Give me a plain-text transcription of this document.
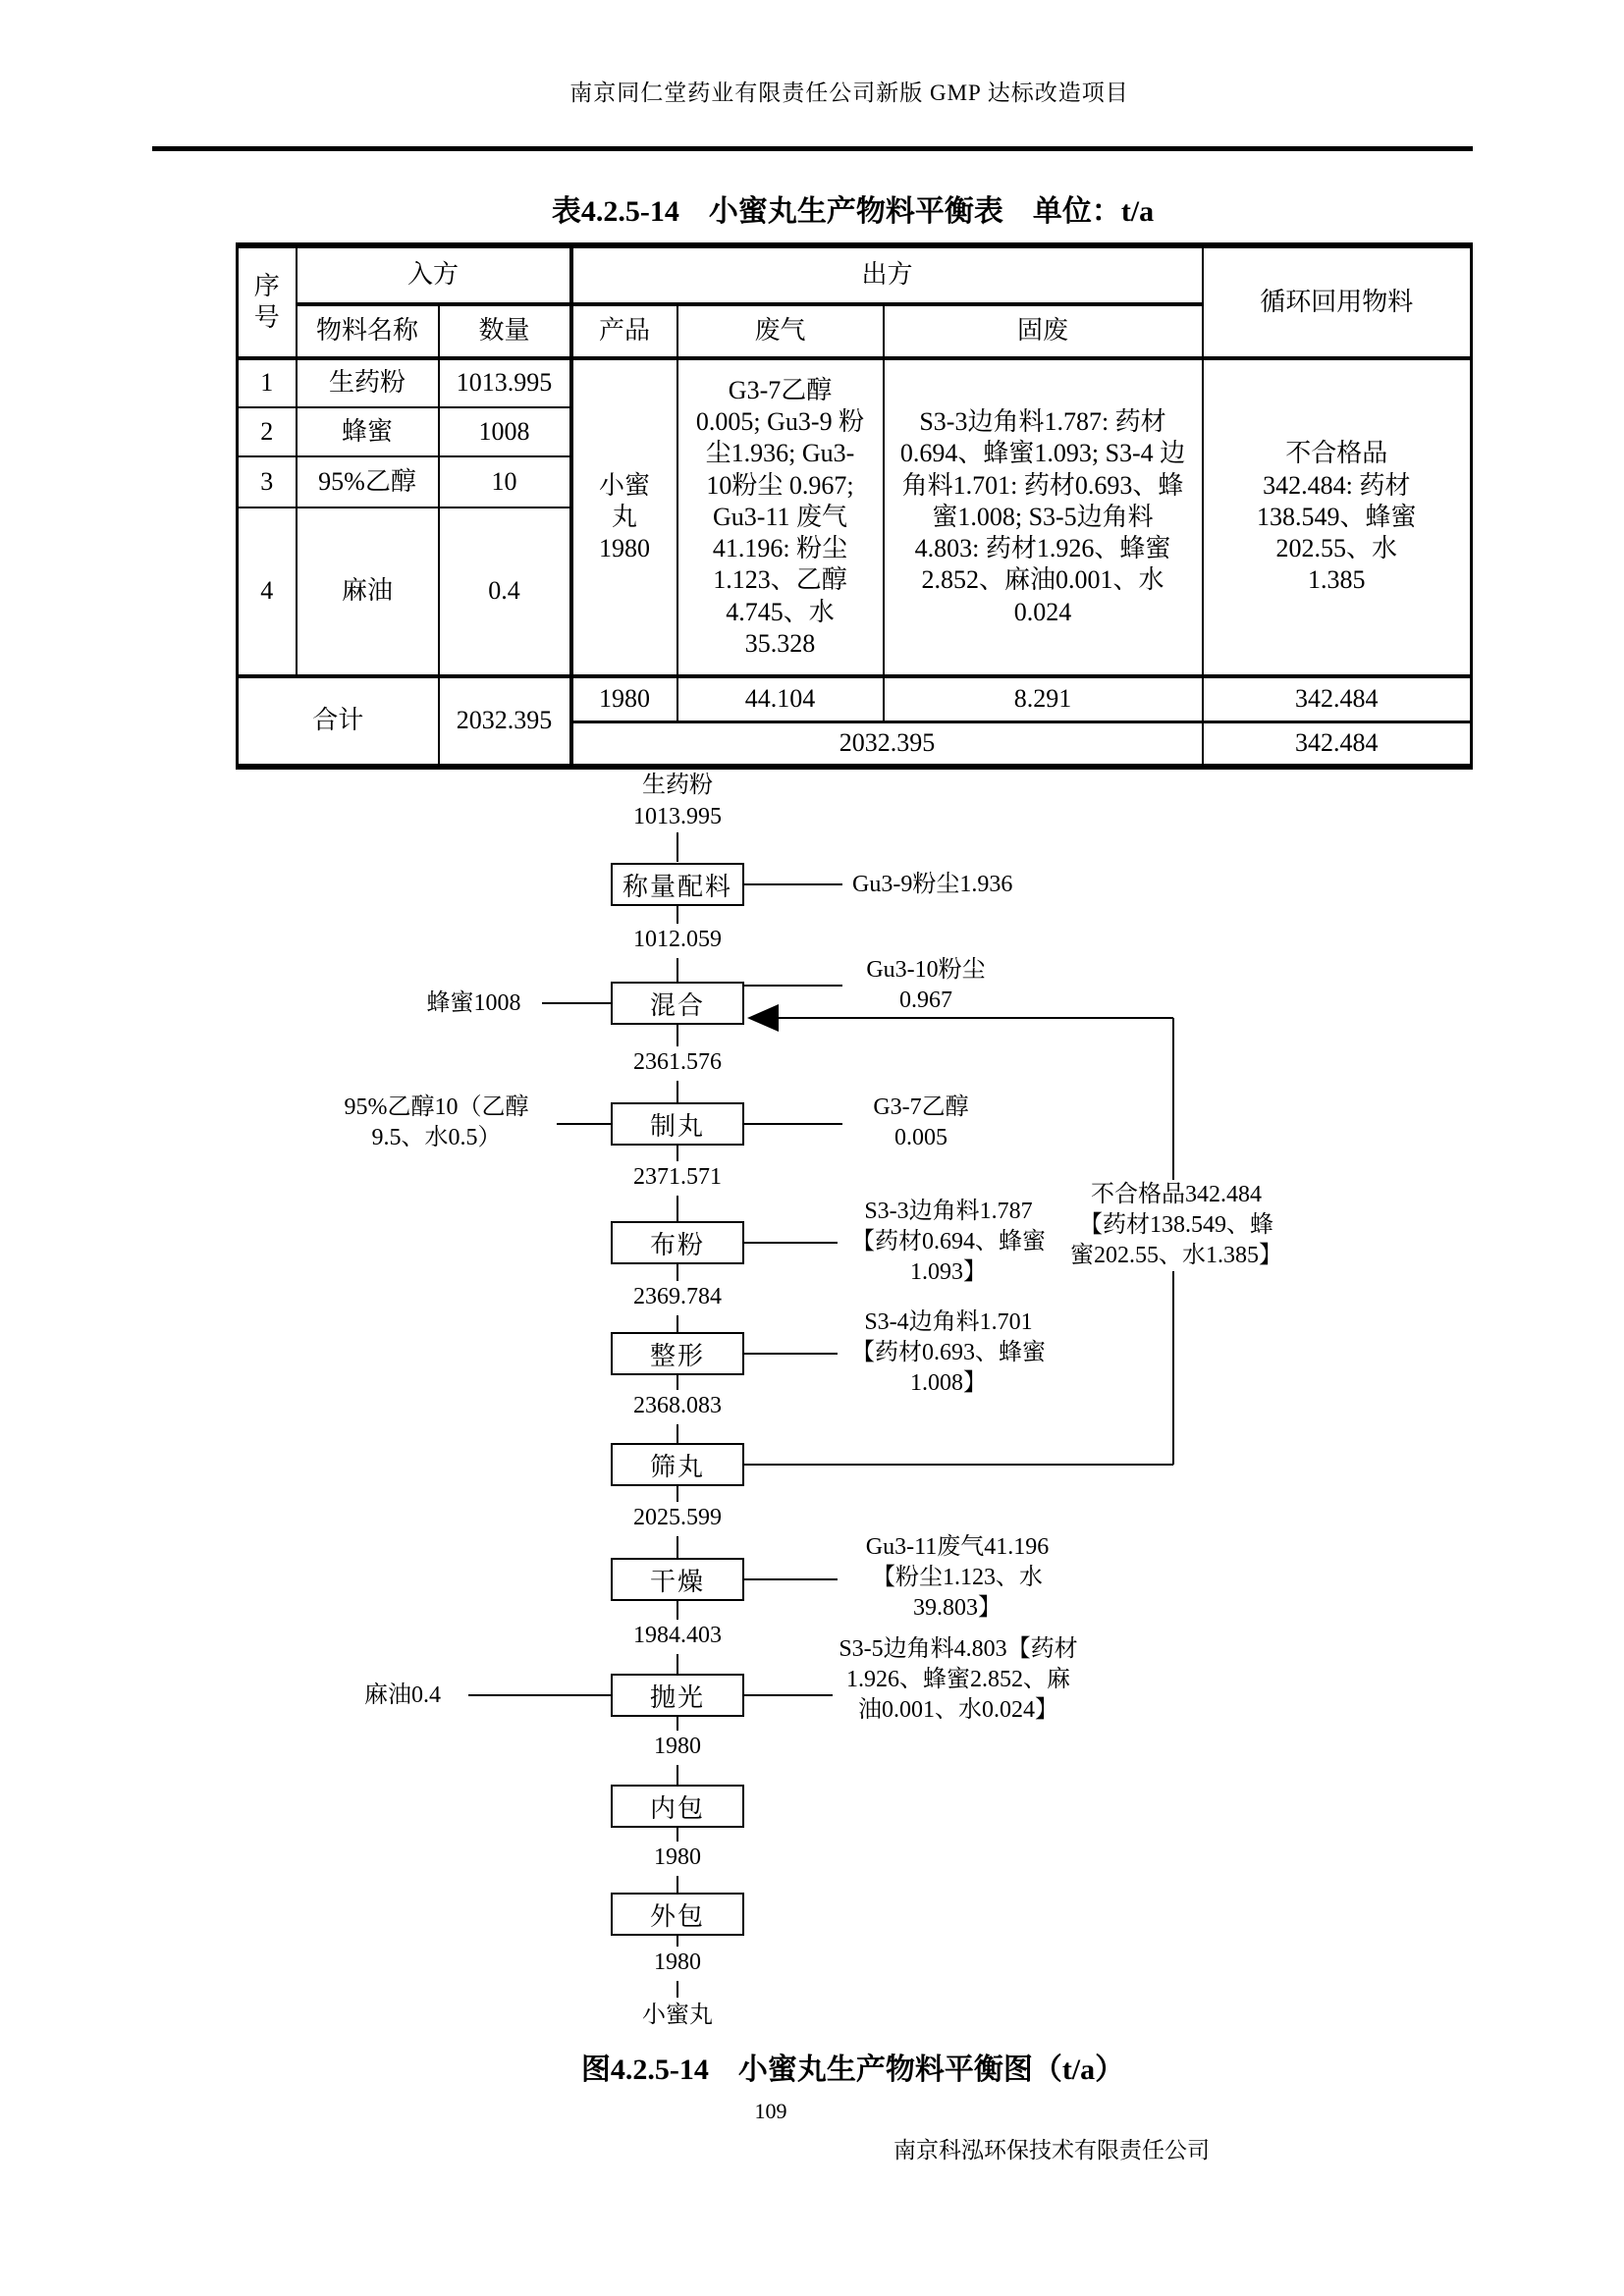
南京同仁堂药业有限责任公司新版 GMP 达标改造项目
表4.2.5-14　小蜜丸生产物料平衡表　单位：t/a
序号	入方		出方			循环回用物料

	物料名称	数量	产品	废气	固废	
1	生药粉	1013.995	小蜜丸 1980	G3-7乙醇 0.005; Gu3-9 粉尘1.936; Gu3-10粉尘 0.967; Gu3-11 废气41.196: 粉尘1.123、乙醇 4.745、水 35.328	S3-3边角料1.787: 药材 0.694、蜂蜜1.093; S3-4 边角料1.701: 药材0.693、蜂蜜1.008; S3-5边角料 4.803: 药材1.926、蜂蜜 2.852、麻油0.001、水 0.024	不合格品 342.484: 药材 138.549、蜂蜜 202.55、水 1.385

2	蜂蜜	1008				
3	95%乙醇	10				
4	麻油	0.4				
合计		2032.395	1980	44.104	8.291	342.484
			2032.395			342.484
生药粉
1013.995
小蜜丸
称量配料
混合
制丸
布粉
整形
筛丸
干燥
抛光
内包
外包
1012.059
2361.576
2371.571
2369.784
2368.083
2025.599
1984.403
1980
1980
1980
蜂蜜1008
95%乙醇10（乙醇9.5、水0.5）
麻油0.4
Gu3-9粉尘1.936
Gu3-10粉尘0.967
G3-7乙醇0.005
S3-3边角料1.787【药材0.694、蜂蜜1.093】
S3-4边角料1.701【药材0.693、蜂蜜1.008】
Gu3-11废气41.196【粉尘1.123、水39.803】
S3-5边角料4.803【药材1.926、蜂蜜2.852、麻油0.001、水0.024】
不合格品342.484【药材138.549、蜂蜜202.55、水1.385】
图4.2.5-14　小蜜丸生产物料平衡图（t/a）
109
南京科泓环保技术有限责任公司
